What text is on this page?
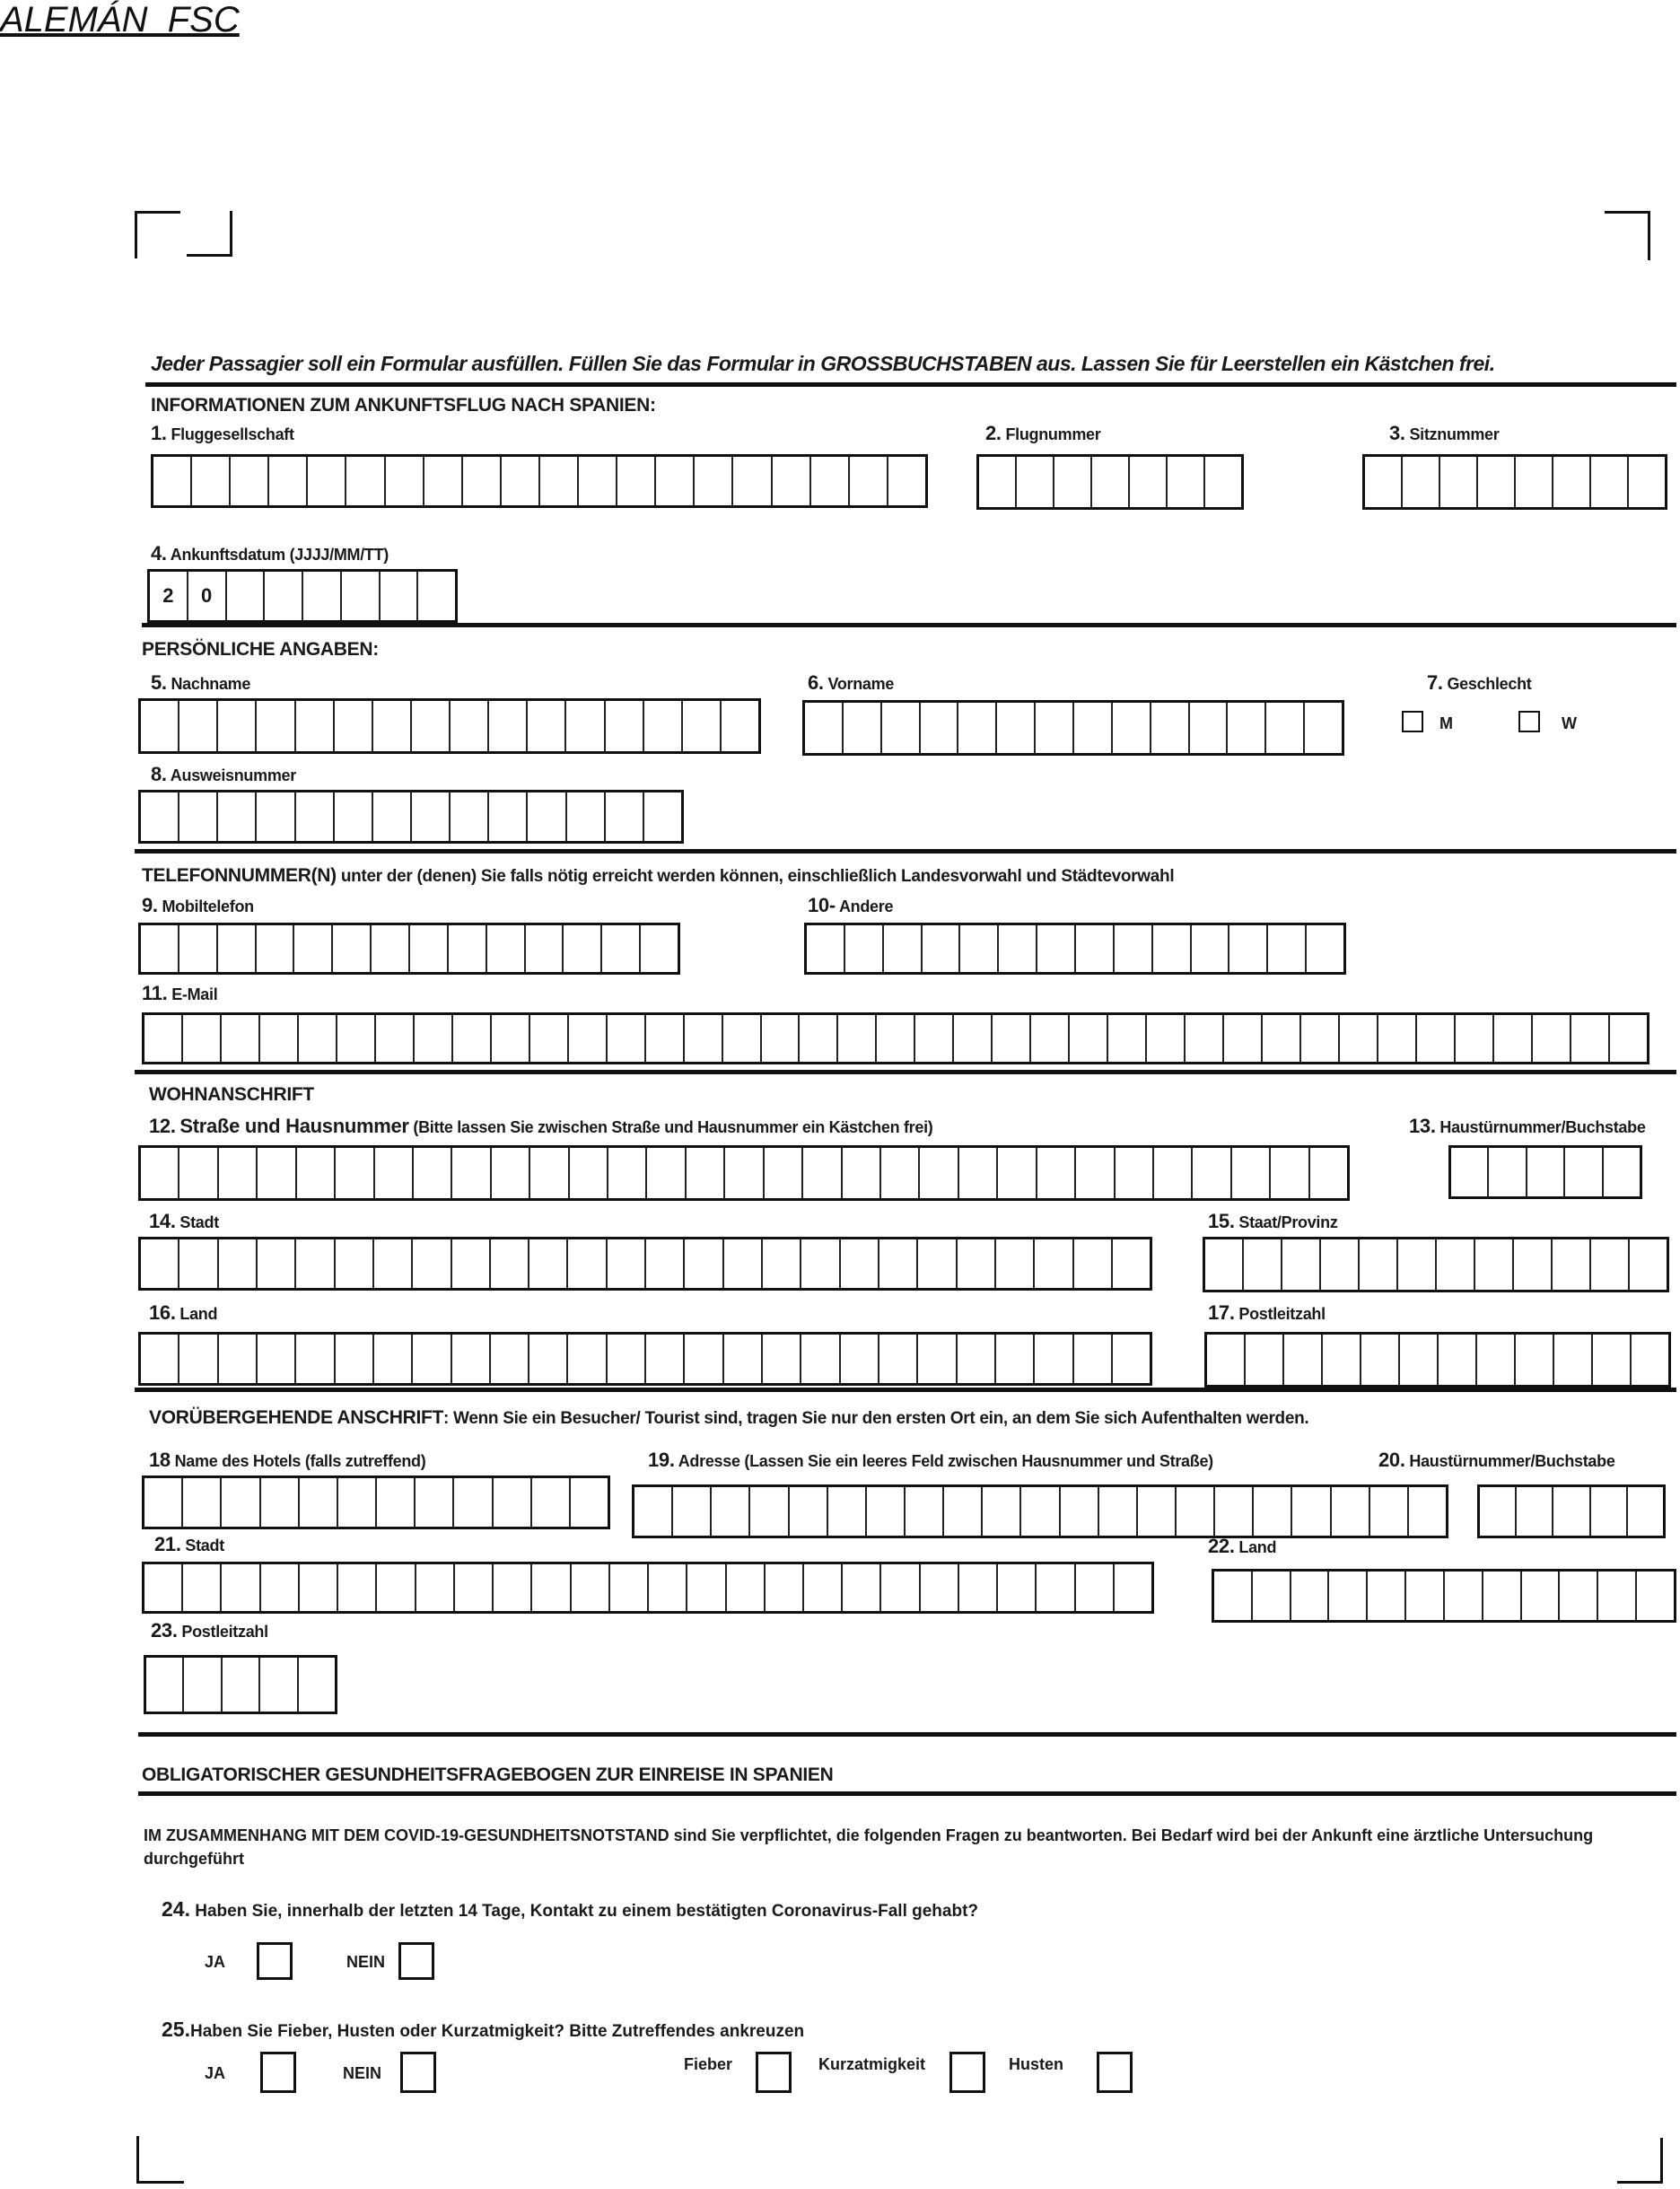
ALEMÁN_FSC
Jeder Passagier soll ein Formular ausfüllen. Füllen Sie das Formular in GROSSBUCHSTABEN aus. Lassen Sie für Leerstellen ein Kästchen frei.
INFORMATIONEN ZUM ANKUNFTSFLUG NACH SPANIEN:
1. Fluggesellschaft	2. Flugnummer	3. Sitznummer
4. Ankunftsdatum (JJJJ/MM/TT)
2	0
PERSÖNLICHE ANGABEN:
5. Nachname	6. Vorname	7. Geschlecht
M	W
8. Ausweisnummer
TELEFONNUMMER(N) unter der (denen) Sie falls nötig erreicht werden können, einschließlich Landesvorwahl und Städtevorwahl
9. Mobiltelefon	10- Andere
11. E-Mail
WOHNANSCHRIFT
12. Straße und Hausnummer (Bitte lassen Sie zwischen Straße und Hausnummer ein Kästchen frei)	13. Haustürnummer/Buchstabe
14. Stadt	15. Staat/Provinz
16. Land	17. Postleitzahl
VORÜBERGEHENDE ANSCHRIFT: Wenn Sie ein Besucher/ Tourist sind, tragen Sie nur den ersten Ort ein, an dem Sie sich Aufenthalten werden.
18 Name des Hotels (falls zutreffend)	19. Adresse (Lassen Sie ein leeres Feld zwischen Hausnummer und Straße)	20. Haustürnummer/Buchstabe
21. Stadt	22. Land
23. Postleitzahl
OBLIGATORISCHER GESUNDHEITSFRAGEBOGEN ZUR EINREISE IN SPANIEN
IM ZUSAMMENHANG MIT DEM COVID-19-GESUNDHEITSNOTSTAND sind Sie verpflichtet, die folgenden Fragen zu beantworten. Bei Bedarf wird bei der Ankunft eine ärztliche Untersuchung durchgeführt
24. Haben Sie, innerhalb der letzten 14 Tage, Kontakt zu einem bestätigten Coronavirus-Fall gehabt?
JA	NEIN
25.Haben Sie Fieber, Husten oder Kurzatmigkeit? Bitte Zutreffendes ankreuzen
JA	NEIN	Fieber	Kurzatmigkeit	Husten
